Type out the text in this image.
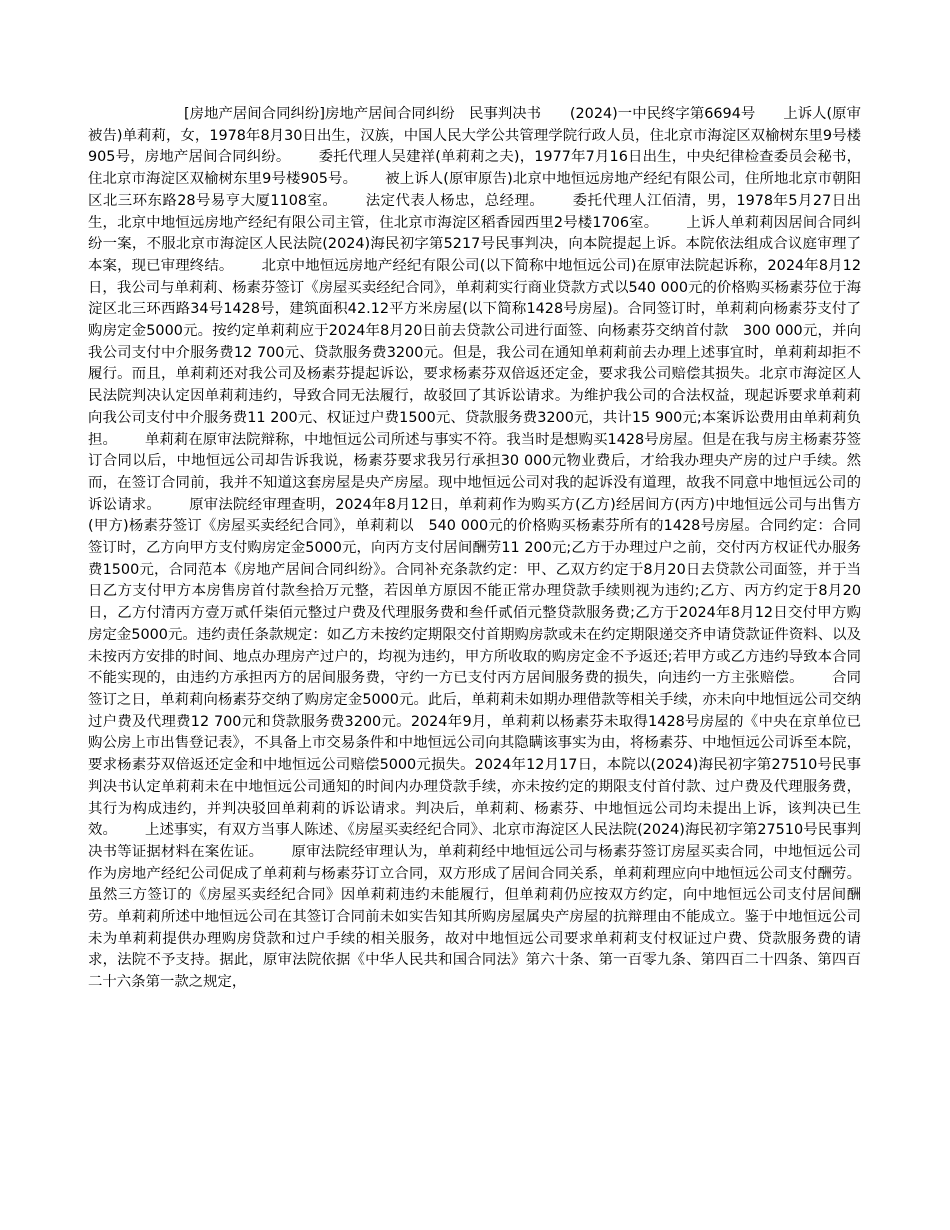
[房地产居间合同纠纷]房地产居间合同纠纷　民事判决书　　(2024)一中民终字第6694号 上诉人(原审被告)单莉莉，女，1978年8月30日出生，汉族，中国人民大学公共管理学院行政人员，住北京市海淀区双榆树东里9号楼905号，房地产居间合同纠纷。 委托代理人吴建祥(单莉莉之夫)，1977年7月16日出生，中央纪律检查委员会秘书，住北京市海淀区双榆树东里9号楼905号。 被上诉人(原审原告)北京中地恒远房地产经纪有限公司，住所地北京市朝阳区北三环东路28号易亨大厦1108室。 法定代表人杨忠，总经理。 委托代理人江佰清，男，1978年5月27日出生，北京中地恒远房地产经纪有限公司主管，住北京市海淀区稻香园西里2号楼1706室。 上诉人单莉莉因居间合同纠纷一案，不服北京市海淀区人民法院(2024)海民初字第5217号民事判决，向本院提起上诉。本院依法组成合议庭审理了本案，现已审理终结。 北京中地恒远房地产经纪有限公司(以下简称中地恒远公司)在原审法院起诉称，2024年8月12日，我公司与单莉莉、杨素芬签订《房屋买卖经纪合同》，单莉莉实行商业贷款方式以540 000元的价格购买杨素芬位于海淀区北三环西路34号1428号，建筑面积42.12平方米房屋(以下简称1428号房屋)。合同签订时，单莉莉向杨素芬支付了购房定金5000元。按约定单莉莉应于2024年8月20日前去贷款公司进行面签、向杨素芬交纳首付款　300 000元，并向我公司支付中介服务费12 700元、贷款服务费3200元。但是，我公司在通知单莉莉前去办理上述事宜时，单莉莉却拒不履行。而且，单莉莉还对我公司及杨素芬提起诉讼，要求杨素芬双倍返还定金，要求我公司赔偿其损失。北京市海淀区人民法院判决认定因单莉莉违约，导致合同无法履行，故驳回了其诉讼请求。为维护我公司的合法权益，现起诉要求单莉莉向我公司支付中介服务费11 200元、权证过户费1500元、贷款服务费3200元，共计15 900元;本案诉讼费用由单莉莉负担。 单莉莉在原审法院辩称，中地恒远公司所述与事实不符。我当时是想购买1428号房屋。但是在我与房主杨素芬签订合同以后，中地恒远公司却告诉我说，杨素芬要求我另行承担30 000元物业费后，才给我办理央产房的过户手续。然而，在签订合同前，我并不知道这套房屋是央产房屋。现中地恒远公司对我的起诉没有道理，故我不同意中地恒远公司的诉讼请求。 原审法院经审理查明，2024年8月12日，单莉莉作为购买方(乙方)经居间方(丙方)中地恒远公司与出售方(甲方)杨素芬签订《房屋买卖经纪合同》，单莉莉以　540 000元的价格购买杨素芬所有的1428号房屋。合同约定：合同签订时，乙方向甲方支付购房定金5000元，向丙方支付居间酬劳11 200元;乙方于办理过户之前，交付丙方权证代办服务费1500元，合同范本《房地产居间合同纠纷》。合同补充条款约定：甲、乙双方约定于8月20日去贷款公司面签，并于当日乙方支付甲方本房售房首付款叁拾万元整，若因单方原因不能正常办理贷款手续则视为违约;乙方、丙方约定于8月20日，乙方付清丙方壹万贰仟柒佰元整过户费及代理服务费和叁仟贰佰元整贷款服务费;乙方于2024年8月12日交付甲方购房定金5000元。违约责任条款规定：如乙方未按约定期限交付首期购房款或未在约定期限递交齐申请贷款证件资料、以及未按丙方安排的时间、地点办理房产过户的，均视为违约，甲方所收取的购房定金不予返还;若甲方或乙方违约导致本合同不能实现的，由违约方承担丙方的居间服务费，守约一方已支付丙方居间服务费的损失，向违约一方主张赔偿。 合同签订之日，单莉莉向杨素芬交纳了购房定金5000元。此后，单莉莉未如期办理借款等相关手续，亦未向中地恒远公司交纳过户费及代理费12 700元和贷款服务费3200元。2024年9月，单莉莉以杨素芬未取得1428号房屋的《中央在京单位已购公房上市出售登记表》，不具备上市交易条件和中地恒远公司向其隐瞒该事实为由，将杨素芬、中地恒远公司诉至本院，要求杨素芬双倍返还定金和中地恒远公司赔偿5000元损失。2024年12月17日，本院以(2024)海民初字第27510号民事判决书认定单莉莉未在中地恒远公司通知的时间内办理贷款手续，亦未按约定的期限支付首付款、过户费及代理服务费，其行为构成违约，并判决驳回单莉莉的诉讼请求。判决后，单莉莉、杨素芬、中地恒远公司均未提出上诉，该判决已生效。 上述事实，有双方当事人陈述、《房屋买卖经纪合同》、北京市海淀区人民法院(2024)海民初字第27510号民事判决书等证据材料在案佐证。 原审法院经审理认为，单莉莉经中地恒远公司与杨素芬签订房屋买卖合同，中地恒远公司作为房地产经纪公司促成了单莉莉与杨素芬订立合同，双方形成了居间合同关系，单莉莉理应向中地恒远公司支付酬劳。虽然三方签订的《房屋买卖经纪合同》因单莉莉违约未能履行，但单莉莉仍应按双方约定，向中地恒远公司支付居间酬劳。单莉莉所述中地恒远公司在其签订合同前未如实告知其所购房屋属央产房屋的抗辩理由不能成立。鉴于中地恒远公司未为单莉莉提供办理购房贷款和过户手续的相关服务，故对中地恒远公司要求单莉莉支付权证过户费、贷款服务费的请求，法院不予支持。据此，原审法院依据《中华人民共和国合同法》第六十条、第一百零九条、第四百二十四条、第四百二十六条第一款之规定，
